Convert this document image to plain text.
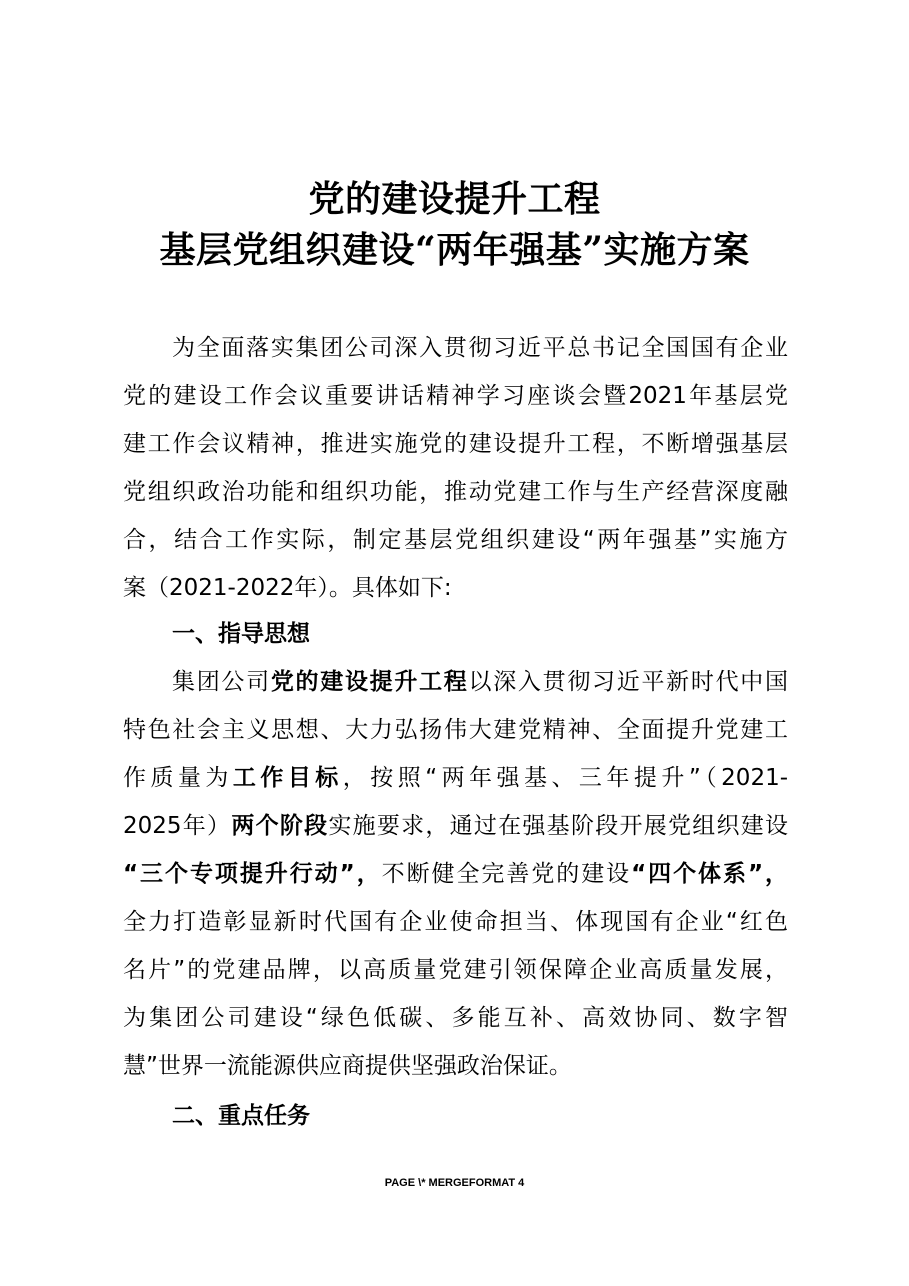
党的建设提升工程
基层党组织建设“两年强基”实施方案
为全面落实集团公司深入贯彻习近平总书记全国国有企业
党的建设工作会议重要讲话精神学习座谈会暨2021年基层党
建工作会议精神，推进实施党的建设提升工程，不断增强基层
党组织政治功能和组织功能，推动党建工作与生产经营深度融
合，结合工作实际，制定基层党组织建设“两年强基”实施方
案（2021-2022年）。具体如下:
一、指导思想
集团公司党的建设提升工程以深入贯彻习近平新时代中国
特色社会主义思想、大力弘扬伟大建党精神、全面提升党建工
作质量为工作目标，按照“两年强基、三年提升”（2021-
2025年）两个阶段实施要求，通过在强基阶段开展党组织建设
“三个专项提升行动”，不断健全完善党的建设“四个体系”，
全力打造彰显新时代国有企业使命担当、体现国有企业“红色
名片”的党建品牌，以高质量党建引领保障企业高质量发展，
为集团公司建设“绿色低碳、多能互补、高效协同、数字智
慧”世界一流能源供应商提供坚强政治保证。
二、重点任务
PAGE \* MERGEFORMAT 4
